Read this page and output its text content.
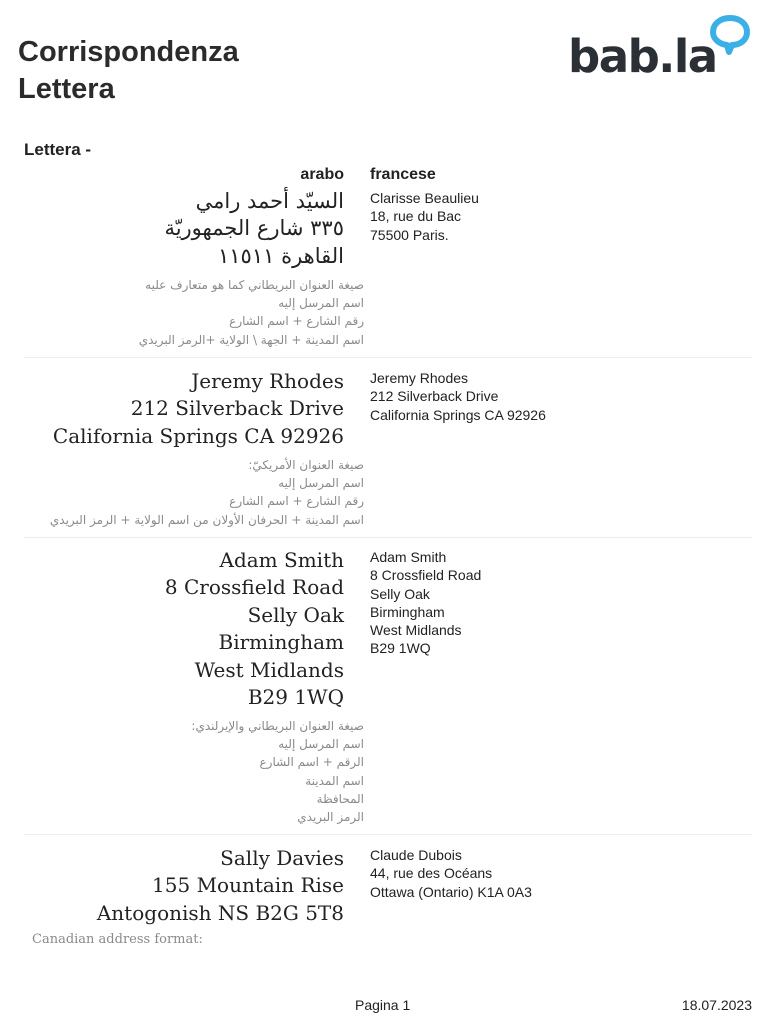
Corrispondenza
Lettera
bab.la
Lettera -
arabo francese
السيّد أحمد رامي
٣٣٥ شارع الجمهوريّة
القاهرة ١١٥١١
صيغة العنوان البريطاني كما هو متعارف عليه
اسم المرسل إليه
رقم الشارع + اسم الشارع
اسم المدينة + الجهة \ الولاية +الرمز البريدي
Clarisse Beaulieu
18, rue du Bac
75500 Paris.
Jeremy Rhodes
212 Silverback Drive
California Springs CA 92926
صيغة العنوان الأمريكيّ:
اسم المرسل إليه
رقم الشارع + اسم الشارع
اسم المدينة + الحرفان الأولان من اسم الولاية + الرمز البريدي
Jeremy Rhodes
212 Silverback Drive
California Springs CA 92926
Adam Smith
8 Crossfield Road
Selly Oak
Birmingham
West Midlands
B29 1WQ
صيغة العنوان البريطاني والإيرلندي:
اسم المرسل إليه
الرقم + اسم الشارع
اسم المدينة
المحافظة
الرمز البريدي
Adam Smith
8 Crossfield Road
Selly Oak
Birmingham
West Midlands
B29 1WQ
Sally Davies
155 Mountain Rise
Antogonish NS B2G 5T8
Canadian address format:
Claude Dubois
44, rue des Océans
Ottawa (Ontario) K1A 0A3
Pagina 1	18.07.2023
